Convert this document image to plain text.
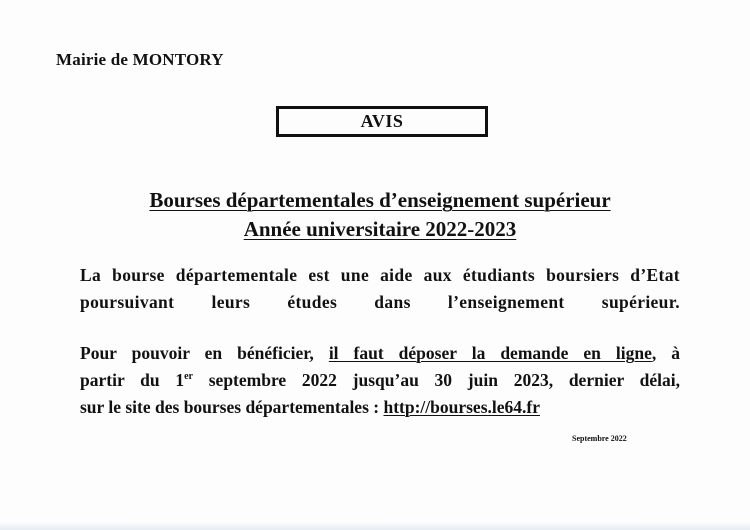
Mairie de MONTORY
AVIS
Bourses départementales d’enseignement supérieur
Année universitaire 2022-2023
La bourse départementale est une aide aux étudiants boursiers d’Etat poursuivant leurs études dans l’enseignement supérieur.
Pour pouvoir en bénéficier, il faut déposer la demande en ligne, à
partir du 1er septembre 2022 jusqu’au 30 juin 2023, dernier délai,
sur le site des bourses départementales : http://bourses.le64.fr
Septembre 2022
